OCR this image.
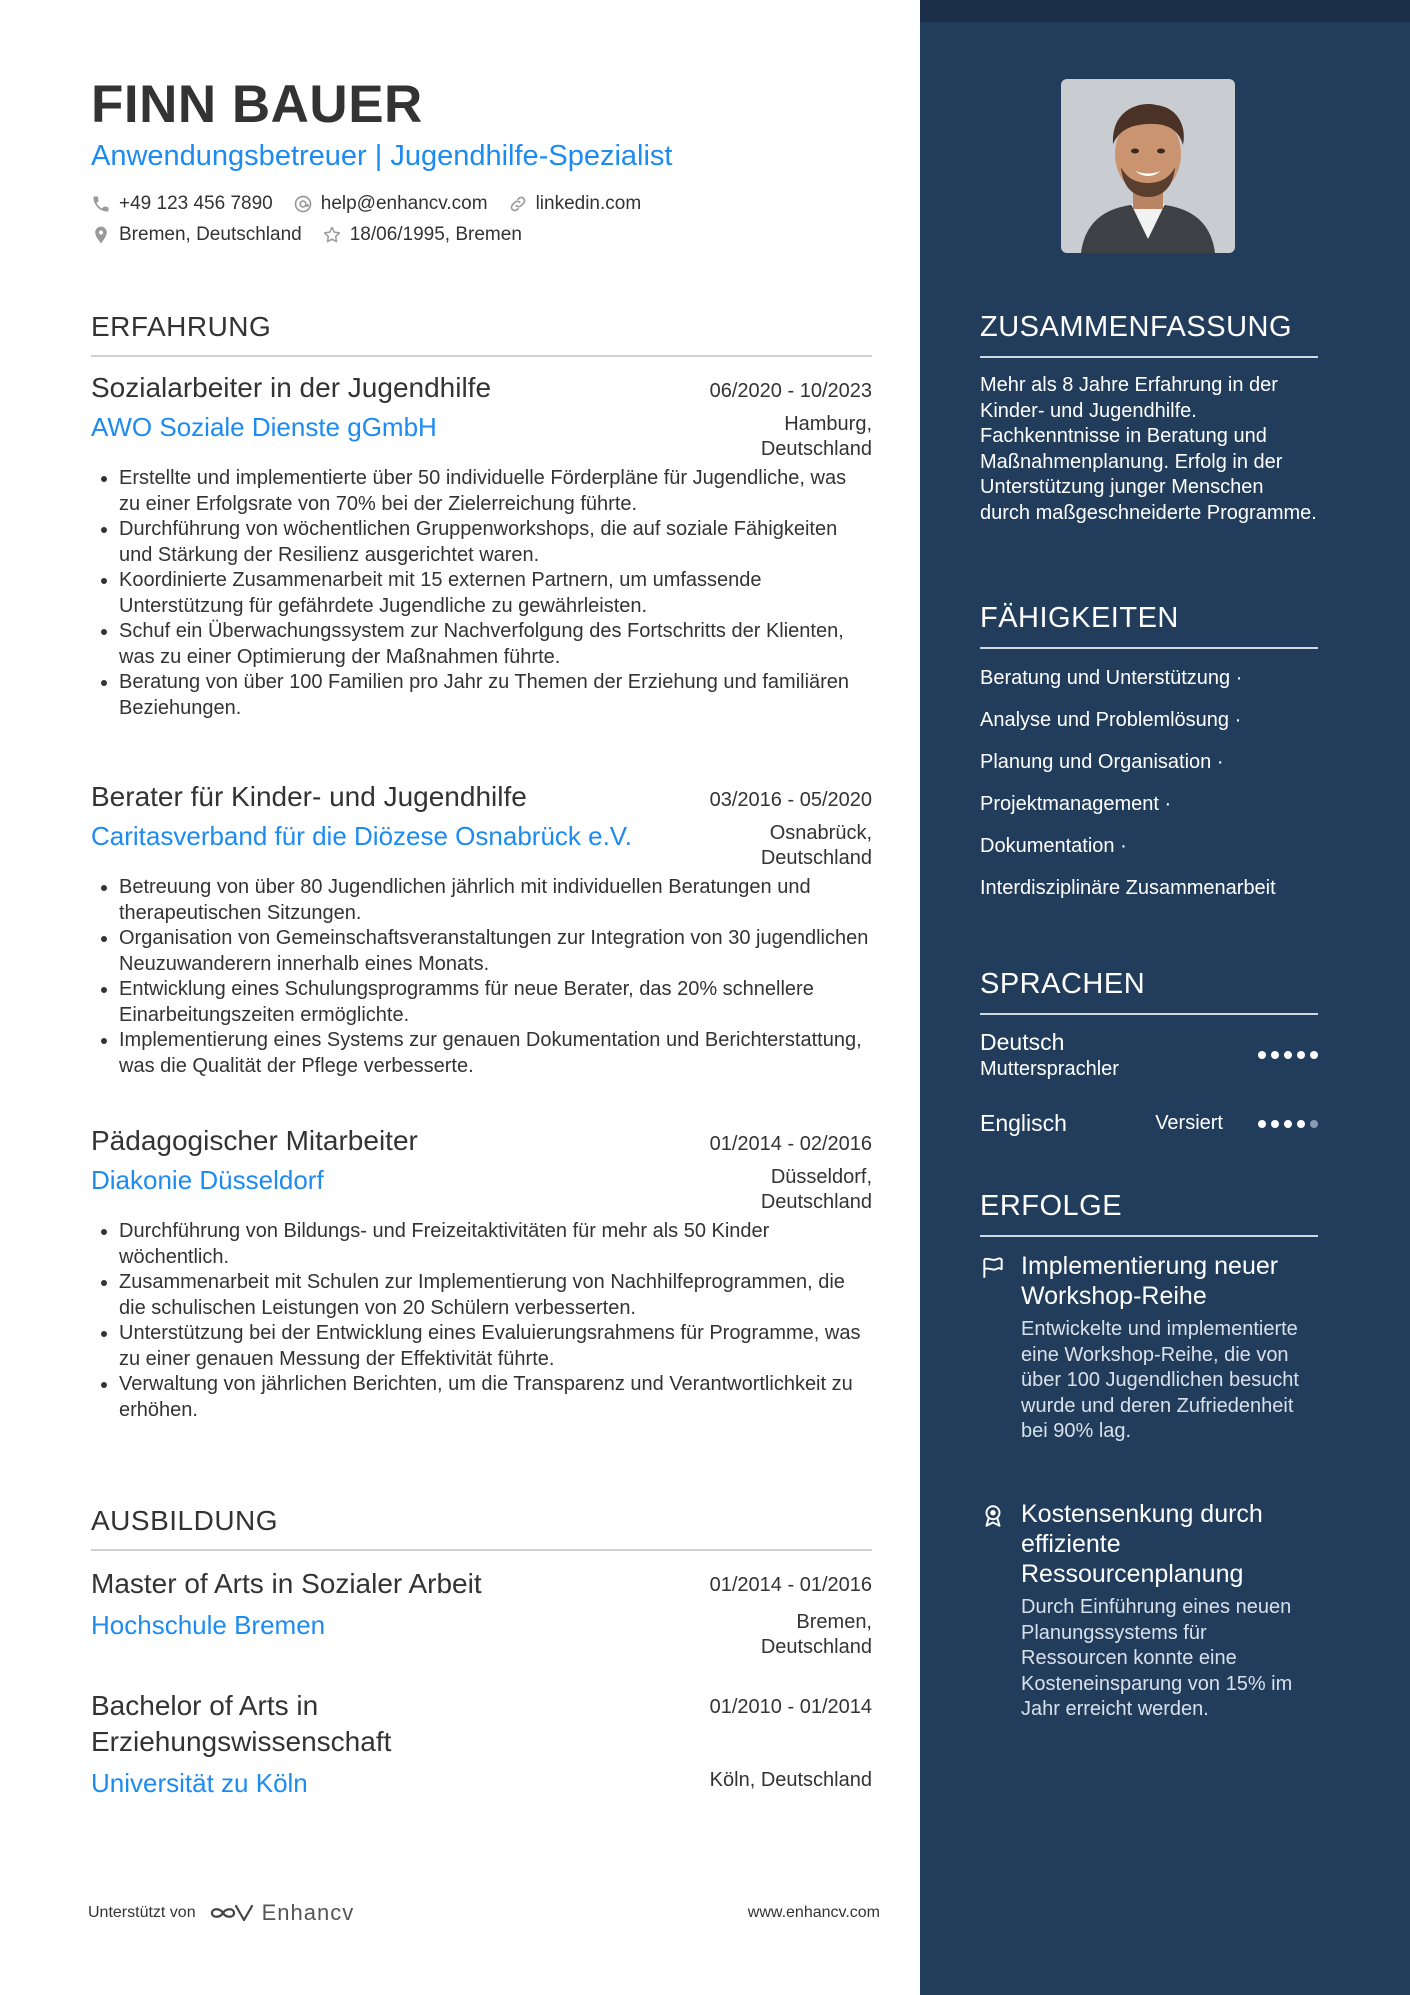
FINN BAUER
Anwendungsbetreuer | Jugendhilfe-Spezialist
+49 123 456 7890	help@enhancv.com	linkedin.com
Bremen, Deutschland	18/06/1995, Bremen
ERFAHRUNG
Sozialarbeiter in der Jugendhilfe	06/2020 - 10/2023
AWO Soziale Dienste gGmbH	Hamburg, Deutschland
• Erstellte und implementierte über 50 individuelle Förderpläne für Jugendliche, was zu einer Erfolgsrate von 70% bei der Zielerreichung führte.
• Durchführung von wöchentlichen Gruppenworkshops, die auf soziale Fähigkeiten und Stärkung der Resilienz ausgerichtet waren.
• Koordinierte Zusammenarbeit mit 15 externen Partnern, um umfassende Unterstützung für gefährdete Jugendliche zu gewährleisten.
• Schuf ein Überwachungssystem zur Nachverfolgung des Fortschritts der Klienten, was zu einer Optimierung der Maßnahmen führte.
• Beratung von über 100 Familien pro Jahr zu Themen der Erziehung und familiären Beziehungen.
Berater für Kinder- und Jugendhilfe	03/2016 - 05/2020
Caritasverband für die Diözese Osnabrück e.V.	Osnabrück, Deutschland
• Betreuung von über 80 Jugendlichen jährlich mit individuellen Beratungen und therapeutischen Sitzungen.
• Organisation von Gemeinschaftsveranstaltungen zur Integration von 30 jugendlichen Neuzuwanderern innerhalb eines Monats.
• Entwicklung eines Schulungsprogramms für neue Berater, das 20% schnellere Einarbeitungszeiten ermöglichte.
• Implementierung eines Systems zur genauen Dokumentation und Berichterstattung, was die Qualität der Pflege verbesserte.
Pädagogischer Mitarbeiter	01/2014 - 02/2016
Diakonie Düsseldorf	Düsseldorf, Deutschland
• Durchführung von Bildungs- und Freizeitaktivitäten für mehr als 50 Kinder wöchentlich.
• Zusammenarbeit mit Schulen zur Implementierung von Nachhilfeprogrammen, die die schulischen Leistungen von 20 Schülern verbesserten.
• Unterstützung bei der Entwicklung eines Evaluierungsrahmens für Programme, was zu einer genauen Messung der Effektivität führte.
• Verwaltung von jährlichen Berichten, um die Transparenz und Verantwortlichkeit zu erhöhen.
AUSBILDUNG
Master of Arts in Sozialer Arbeit	01/2014 - 01/2016
Hochschule Bremen	Bremen, Deutschland
Bachelor of Arts in Erziehungswissenschaft
01/2010 - 01/2014
Universität zu Köln	Köln, Deutschland
Unterstützt von	Enhancv	www.enhancv.com
ZUSAMMENFASSUNG
Mehr als 8 Jahre Erfahrung in der Kinder- und Jugendhilfe. Fachkenntnisse in Beratung und Maßnahmenplanung. Erfolg in der Unterstützung junger Menschen durch maßgeschneiderte Programme.
FÄHIGKEITEN
Beratung und Unterstützung ·
Analyse und Problemlösung ·
Planung und Organisation ·
Projektmanagement ·
Dokumentation ·
Interdisziplinäre Zusammenarbeit
SPRACHEN
Deutsch
Muttersprachler
Englisch	Versiert
ERFOLGE
Implementierung neuer Workshop-Reihe
Entwickelte und implementierte eine Workshop-Reihe, die von über 100 Jugendlichen besucht wurde und deren Zufriedenheit bei 90% lag.
Kostensenkung durch effiziente Ressourcenplanung
Durch Einführung eines neuen Planungssystems für Ressourcen konnte eine Kosteneinsparung von 15% im Jahr erreicht werden.
